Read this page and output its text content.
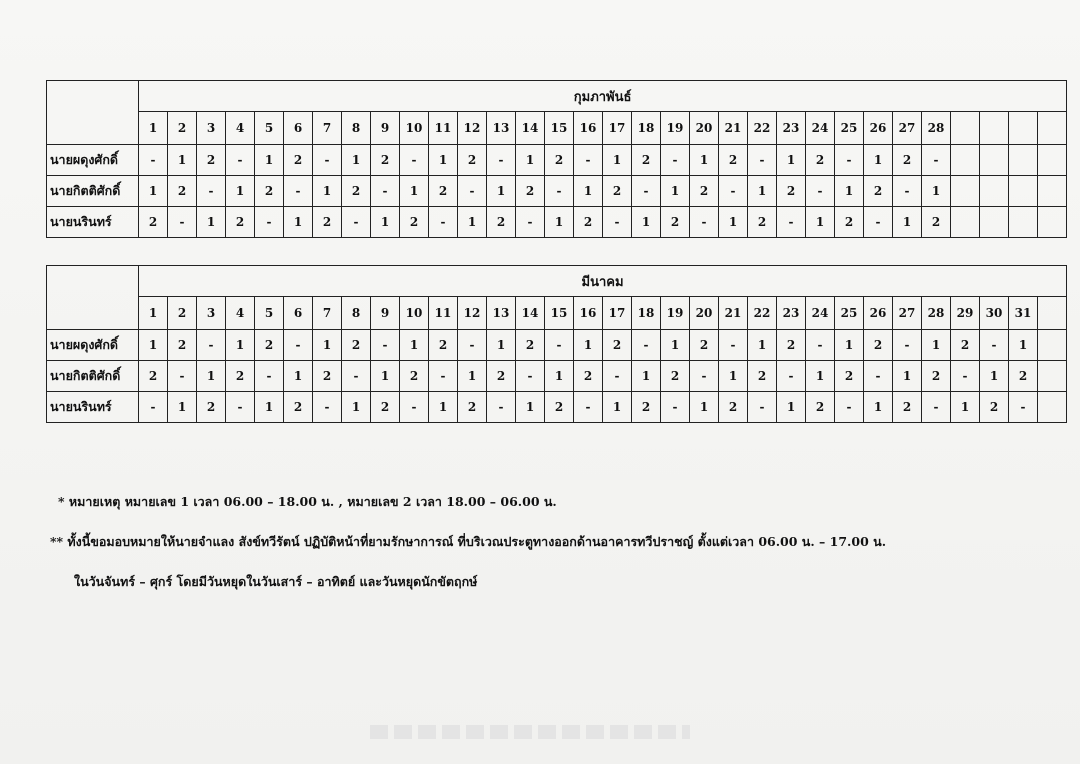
	กุมภาพันธ์																															
	1	2	3	4	5	6	7	8	9	10	11	12	13	14	15	16	17	18	19	20	21	22	23	24	25	26	27	28				
นายผดุงศักดิ์	-	1	2	-	1	2	-	1	2	-	1	2	-	1	2	-	1	2	-	1	2	-	1	2	-	1	2	-				
นายกิตติศักดิ์	1	2	-	1	2	-	1	2	-	1	2	-	1	2	-	1	2	-	1	2	-	1	2	-	1	2	-	1				
นายนรินทร์	2	-	1	2	-	1	2	-	1	2	-	1	2	-	1	2	-	1	2	-	1	2	-	1	2	-	1	2				
	มีนาคม																															
	1	2	3	4	5	6	7	8	9	10	11	12	13	14	15	16	17	18	19	20	21	22	23	24	25	26	27	28	29	30	31	
นายผดุงศักดิ์	1	2	-	1	2	-	1	2	-	1	2	-	1	2	-	1	2	-	1	2	-	1	2	-	1	2	-	1	2	-	1	
นายกิตติศักดิ์	2	-	1	2	-	1	2	-	1	2	-	1	2	-	1	2	-	1	2	-	1	2	-	1	2	-	1	2	-	1	2	
นายนรินทร์	-	1	2	-	1	2	-	1	2	-	1	2	-	1	2	-	1	2	-	1	2	-	1	2	-	1	2	-	1	2	-	
* หมายเหตุ หมายเลข 1 เวลา 06.00 – 18.00 น. , หมายเลข 2 เวลา 18.00 – 06.00 น.
** ทั้งนี้ขอมอบหมายให้นายจำแลง สังข์ทวีรัตน์ ปฏิบัติหน้าที่ยามรักษาการณ์ ที่บริเวณประตูทางออกด้านอาคารทวีปราชญ์ ตั้งแต่เวลา 06.00 น. – 17.00 น.
ในวันจันทร์ – ศุกร์ โดยมีวันหยุดในวันเสาร์ – อาทิตย์ และวันหยุดนักขัตฤกษ์
